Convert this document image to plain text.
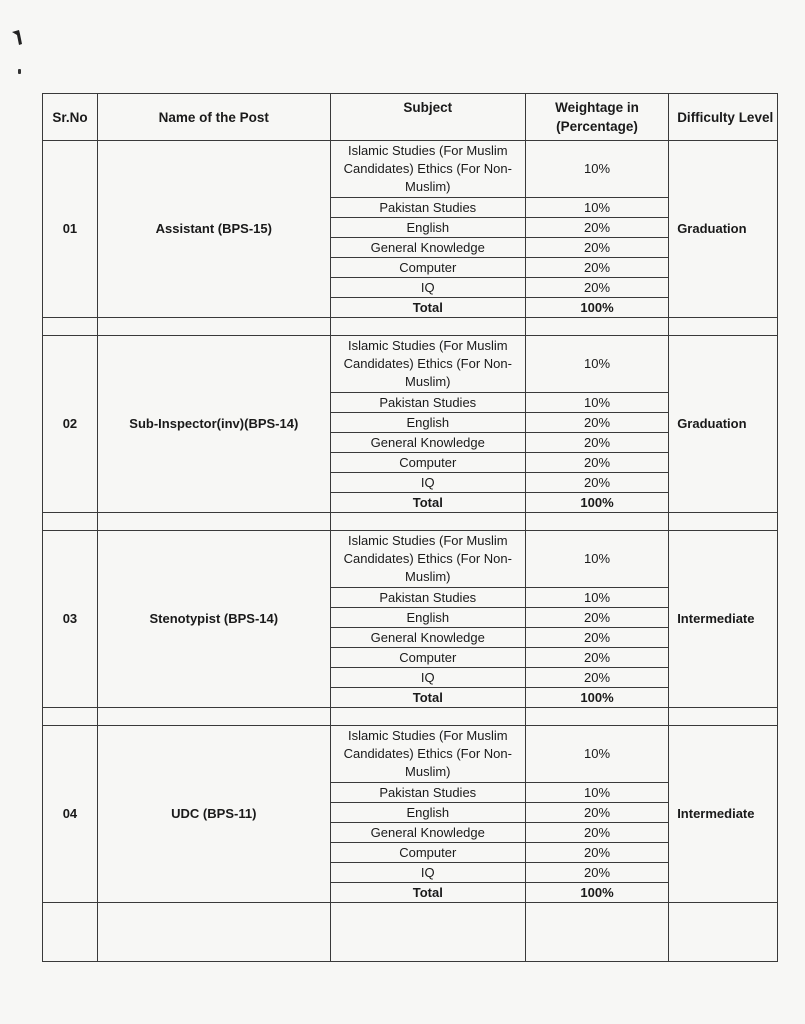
Sr.No	Name of the Post	Subject	Weightage in (Percentage)	Difficulty Level
01	Assistant (BPS-15)	Islamic Studies (For Muslim Candidates) Ethics (For Non-Muslim)	10%	Graduation
		Pakistan Studies	10%	
		English	20%	
		General Knowledge	20%	
		Computer	20%	
		IQ	20%	
		Total	100%	

02	Sub-Inspector(inv)(BPS-14)	Islamic Studies (For Muslim Candidates) Ethics (For Non-Muslim)	10%	Graduation
		Pakistan Studies	10%	
		English	20%	
		General Knowledge	20%	
		Computer	20%	
		IQ	20%	
		Total	100%	

03	Stenotypist (BPS-14)	Islamic Studies (For Muslim Candidates) Ethics (For Non-Muslim)	10%	Intermediate
		Pakistan Studies	10%	
		English	20%	
		General Knowledge	20%	
		Computer	20%	
		IQ	20%	
		Total	100%	

04	UDC (BPS-11)	Islamic Studies (For Muslim Candidates) Ethics (For Non-Muslim)	10%	Intermediate
		Pakistan Studies	10%	
		English	20%	
		General Knowledge	20%	
		Computer	20%	
		IQ	20%	
		Total	100%	
